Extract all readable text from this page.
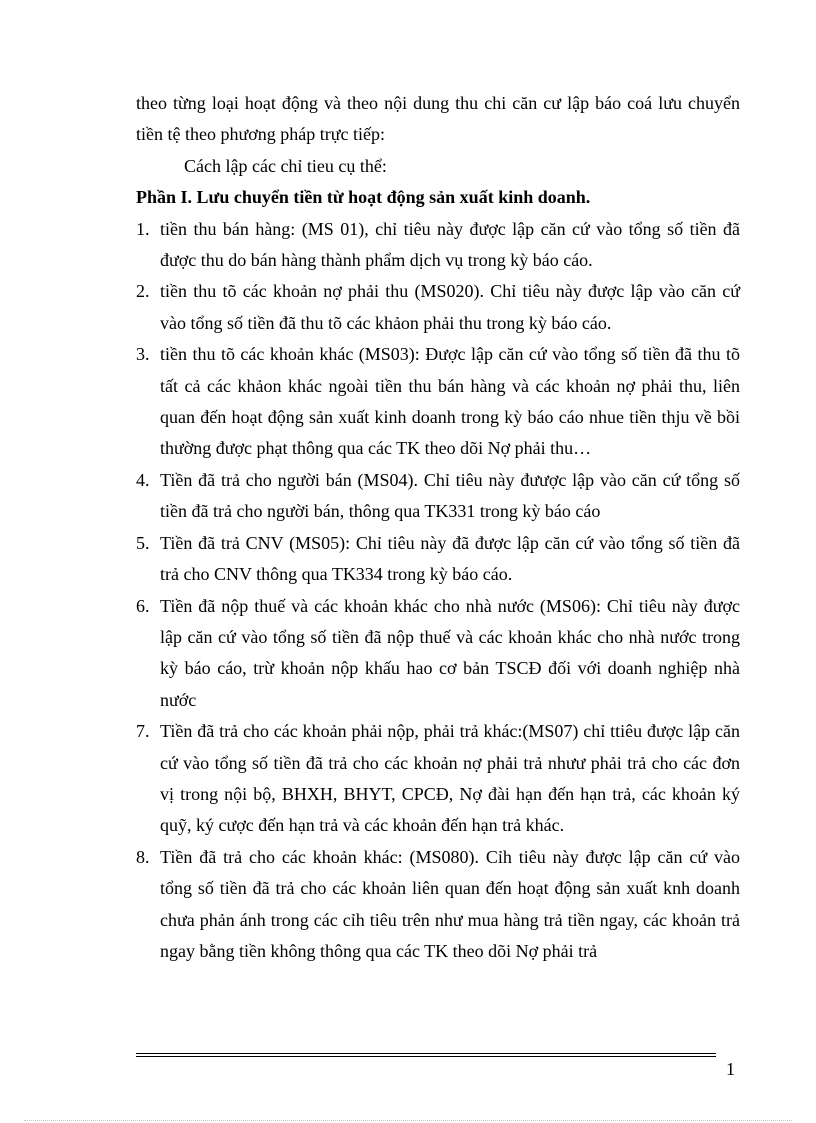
theo từng loại hoạt động và theo nội dung thu chi căn cư lập báo coá lưu chuyển tiền tệ theo phương pháp trực tiếp:

Cách lập các chỉ tieu cụ thể:

Phần I. Lưu chuyển tiền từ hoạt động sản xuất kinh doanh.

1. tiền thu bán hàng: (MS 01), chỉ tiêu này được lập căn cứ vào tổng số tiền đã được thu do bán hàng thành phẩm dịch vụ trong kỳ báo cáo.
2. tiền thu tõ các khoản nợ phải thu (MS020). Chỉ tiêu này được lập vào căn cứ vào tổng số tiền đã thu tõ các khảon phải thu trong kỳ báo cáo.
3. tiền thu tõ các khoản khác (MS03): Được lập căn cứ vào tổng số tiền đã thu tõ tất cả các khảon khác ngoài tiền thu bán hàng và các khoản nợ phải thu, liên quan đến hoạt động sản xuất kinh doanh trong kỳ báo cáo nhue tiền thju về bồi thường được phạt thông qua các TK theo dõi Nợ phải thu…
4. Tiền đã trả cho người bán (MS04). Chỉ tiêu này đưược lập vào căn cứ tổng số tiền đã trả cho người bán, thông qua TK331 trong kỳ báo cáo
5. Tiền đã trả CNV (MS05): Chỉ tiêu này đã được lập căn cứ vào tổng số tiền đã trả cho CNV thông qua TK334 trong kỳ báo cáo.
6. Tiền đã nộp thuế và các khoản khác cho nhà nước (MS06): Chỉ tiêu này được lập căn cứ vào tổng số tiền đã nộp thuế và các khoản khác cho nhà nước trong kỳ báo cáo, trừ khoản nộp khấu hao cơ bản TSCĐ đối với doanh nghiệp nhà nước
7. Tiền đã trả cho các khoản phải nộp, phải trả khác:(MS07) chỉ ttiêu được lập căn cứ vào tổng số tiền đã trả cho các khoản nợ phải trả nhưư phải trả cho các đơn vị trong nội bộ, BHXH, BHYT, CPCĐ, Nợ đài hạn đến hạn trả, các khoản ký quỹ, ký cược đến hạn trả và các khoản đến hạn trả khác.
8. Tiền đã trả cho các khoản khác: (MS080). Cỉh tiêu này được lập căn cứ vào tổng số tiền đã trả cho các khoản liên quan đến hoạt động sản xuất knh doanh chưa phản ánh trong các cỉh tiêu trên như mua hàng trả tiền ngay, các khoản trả ngay bằng tiền không thông qua các TK theo dõi Nợ phải trả
1
